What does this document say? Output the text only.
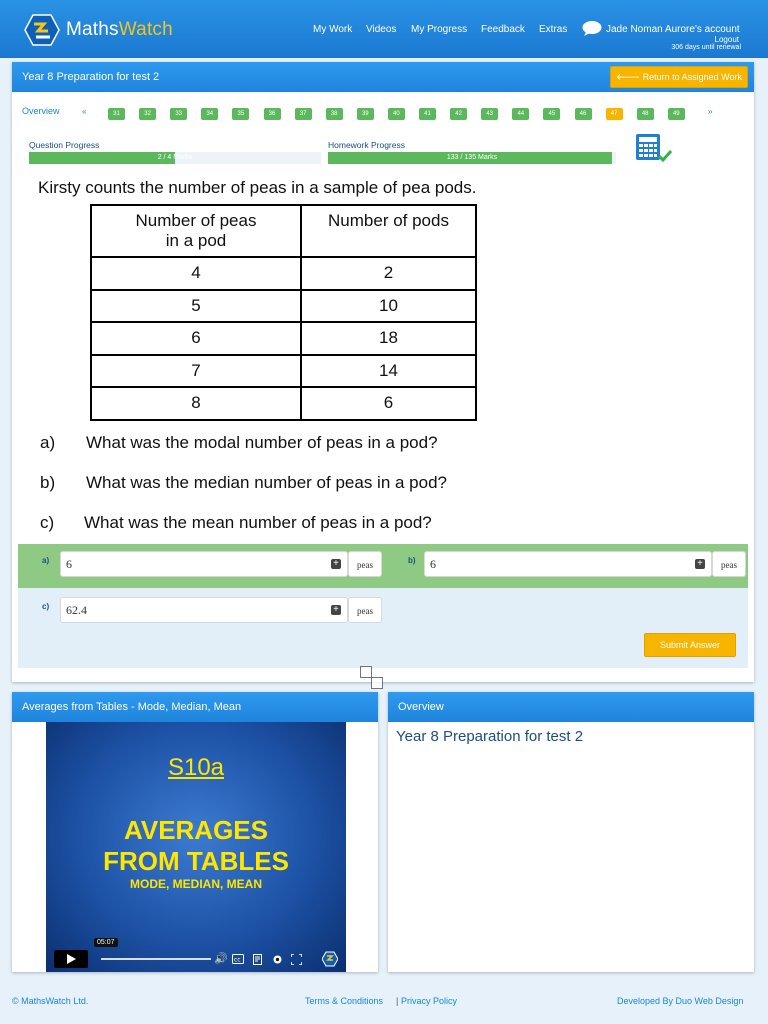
MathsWatch	My Work Videos My Progress Feedback Extras	Jade Noman Aurore's account
Logout
306 days until renewal
Year 8 Preparation for test 2	🡐 Return to Assigned Work
Overview	«	31	32	33	34	35	36	37	38	39	40	41	42	43	44	45	46	47	48	49	»
Question Progress
2 / 4 Marks
Homework Progress
133 / 135 Marks
Kirsty counts the number of peas in a sample of pea pods.
Number of peas
in a pod	Number of pods
4	2
5	10
6	18
7	14
8	6
a) What was the modal number of peas in a pod?
b) What was the median number of peas in a pod?
c) What was the mean number of peas in a pod?
a)	6	+	peas	b)	6	+	peas
c)	62.4	+	peas
Submit Answer
Averages from Tables - Mode, Median, Mean
S10a
AVERAGES
FROM TABLES
MODE, MEDIAN, MEAN
05:07
🔊 cc
Overview
Year 8 Preparation for test 2
© MathsWatch Ltd.	Terms & Conditions | Privacy Policy	Developed By Duo Web Design
